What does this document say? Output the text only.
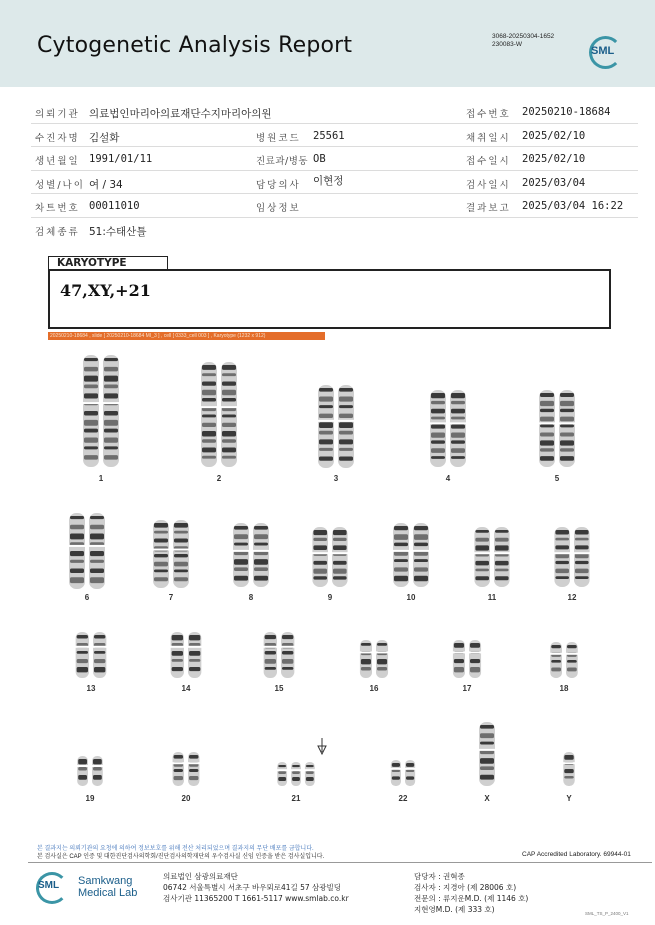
Cytogenetic Analysis Report	3068-20250304-1652
230083-W
SML
의뢰기관 의료법인마리아의료재단수지마리아의원	접수번호 20250210-18684
수진자명 김설화	병원코드 25561	채취일시 2025/02/10
생년월일 1991/01/11	진료과/병동 OB	접수일시 2025/02/10
성별/나이 여 / 34	담당의사 이현정	검사일시 2025/03/04
차트번호 00011010	임상정보	결과보고 2025/03/04 16:22
검체종류 51:수태산틀
KARYOTYPE
47,XY,+21
20250210-18684 , slide [ 20250210-18684 MI_3 ] , cell [ 0333_cell 003 ] , Karyotype (1232 x 912)
1	2	3	4	5
6	7	8	9	10	11	12
13	14	15	16	17	18
19	20	21	22	X	Y
본 결과지는 의뢰기관의 요청에 의하여 정보보호를 위해 전산 처리되었으며 결과지의 무단 배포를 금합니다.
본 검사실은 CAP 인증 및 대한진단검사의학회/진단검사의학재단의 우수검사실 신임 인증을 받은 검사실입니다.	CAP Accredited Laboratory. 69944-01
SML Samkwang
Medical Lab
의료법인 삼광의료재단
06742 서울특별시 서초구 바우뫼로41길 57 삼광빌딩
검사기관 11365200 T 1661-5117 www.smlab.co.kr
담당자 : 권혁종
검사자 : 지경아 (제 28006 호)
전문의 : 류지운M.D. (제 1146 호)
지현영M.D. (제 333 호)	SML_TS_P_2400_V1
